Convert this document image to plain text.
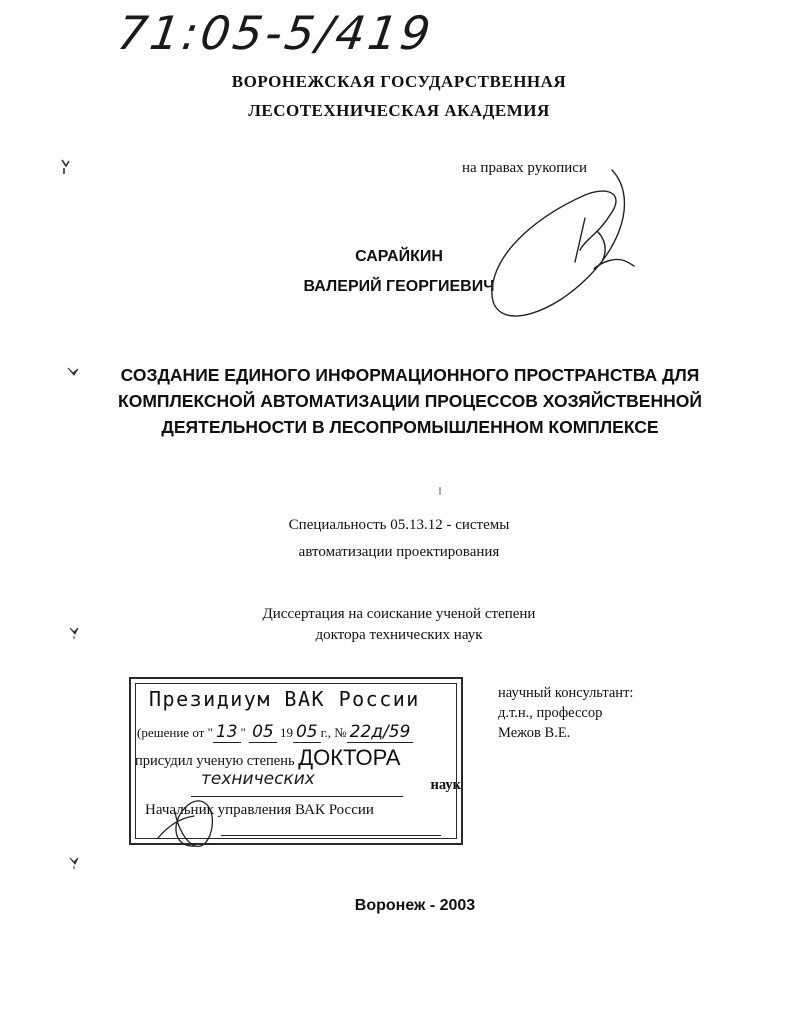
71:05-5/419
ВОРОНЕЖСКАЯ ГОСУДАРСТВЕННАЯ
ЛЕСОТЕХНИЧЕСКАЯ АКАДЕМИЯ
на правах рукописи
САРАЙКИН
ВАЛЕРИЙ ГЕОРГИЕВИЧ
СОЗДАНИЕ ЕДИНОГО ИНФОРМАЦИОННОГО ПРОСТРАНСТВА ДЛЯ
КОМПЛЕКСНОЙ АВТОМАТИЗАЦИИ ПРОЦЕССОВ ХОЗЯЙСТВЕННОЙ
ДЕЯТЕЛЬНОСТИ В ЛЕСОПРОМЫШЛЕННОМ КОМПЛЕКСЕ
Специальность 05.13.12 - системы
автоматизации проектирования
Диссертация на соискание ученой степени
доктора технических наук
научный консультант:
д.т.н., профессор
Межов В.Е.
Президиум ВАК России
(решение от " 13 " 05 19 05 г., № 22д/59
присудил ученую степень ДОКТОРА
технических	наук
Начальник управления ВАК России
Воронеж - 2003
